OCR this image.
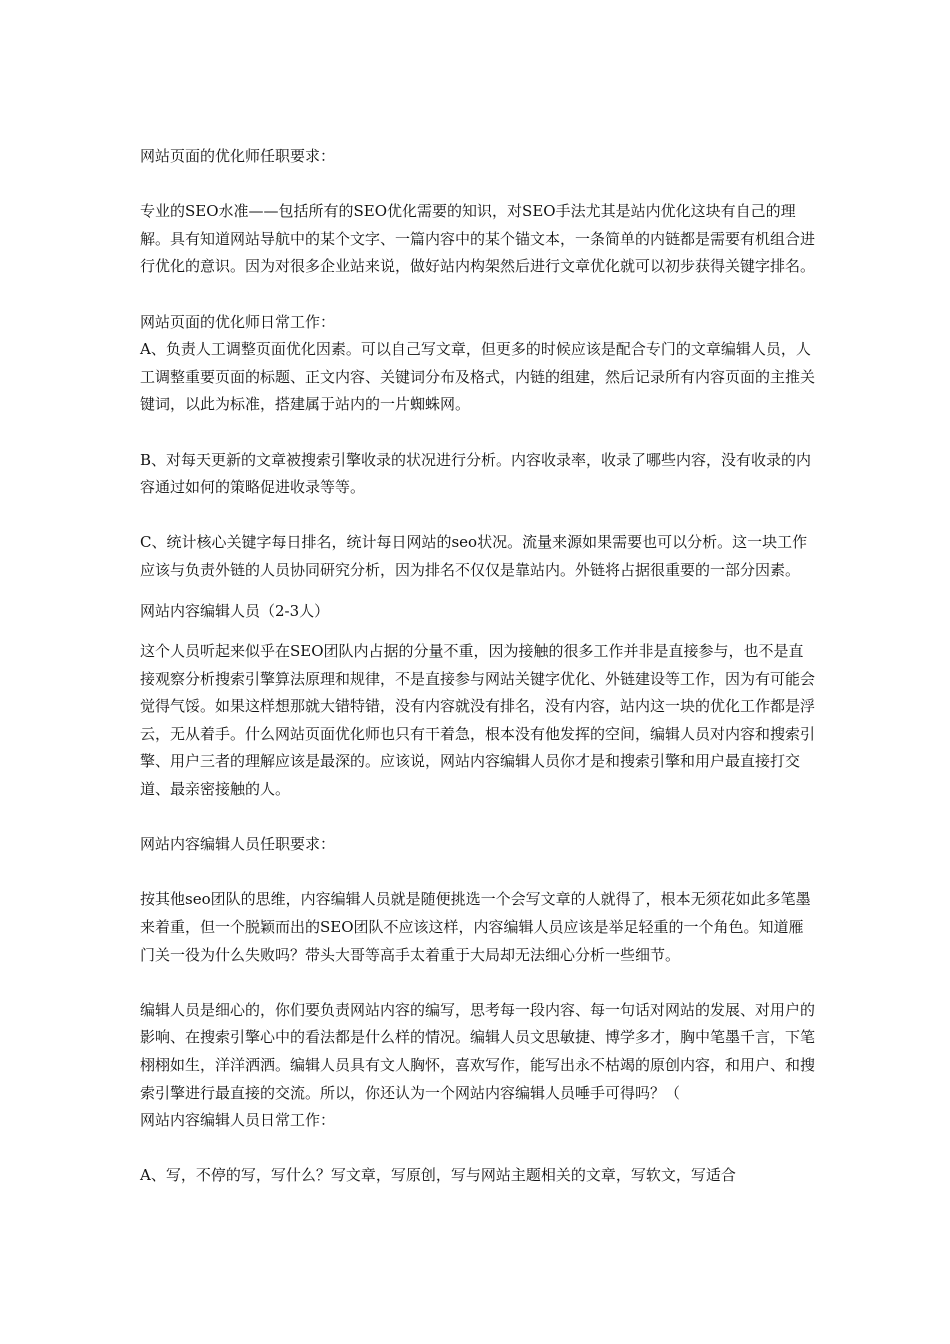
网站页面的优化师任职要求：

专业的SEO水准——包括所有的SEO优化需要的知识，对SEO手法尤其是站内优化这块有自己的理解。具有知道网站导航中的某个文字、一篇内容中的某个锚文本，一条简单的内链都是需要有机组合进行优化的意识。因为对很多企业站来说，做好站内构架然后进行文章优化就可以初步获得关键字排名。

网站页面的优化师日常工作：

A、负责人工调整页面优化因素。可以自己写文章，但更多的时候应该是配合专门的文章编辑人员，人工调整重要页面的标题、正文内容、关键词分布及格式，内链的组建，然后记录所有内容页面的主推关键词，以此为标准，搭建属于站内的一片蜘蛛网。

B、对每天更新的文章被搜索引擎收录的状况进行分析。内容收录率，收录了哪些内容，没有收录的内容通过如何的策略促进收录等等。

C、统计核心关键字每日排名，统计每日网站的seo状况。流量来源如果需要也可以分析。这一块工作应该与负责外链的人员协同研究分析，因为排名不仅仅是靠站内。外链将占据很重要的一部分因素。

网站内容编辑人员（2-3人）

这个人员听起来似乎在SEO团队内占据的分量不重，因为接触的很多工作并非是直接参与，也不是直接观察分析搜索引擎算法原理和规律，不是直接参与网站关键字优化、外链建设等工作，因为有可能会觉得气馁。如果这样想那就大错特错，没有内容就没有排名，没有内容，站内这一块的优化工作都是浮云，无从着手。什么网站页面优化师也只有干着急，根本没有他发挥的空间，编辑人员对内容和搜索引擎、用户三者的理解应该是最深的。应该说，网站内容编辑人员你才是和搜索引擎和用户最直接打交道、最亲密接触的人。

网站内容编辑人员任职要求：

按其他seo团队的思维，内容编辑人员就是随便挑选一个会写文章的人就得了，根本无须花如此多笔墨来着重，但一个脱颖而出的SEO团队不应该这样，内容编辑人员应该是举足轻重的一个角色。知道雁门关一役为什么失败吗？带头大哥等高手太着重于大局却无法细心分析一些细节。

编辑人员是细心的，你们要负责网站内容的编写，思考每一段内容、每一句话对网站的发展、对用户的影响、在搜索引擎心中的看法都是什么样的情况。编辑人员文思敏捷、博学多才，胸中笔墨千言，下笔栩栩如生，洋洋洒洒。编辑人员具有文人胸怀，喜欢写作，能写出永不枯竭的原创内容，和用户、和搜索引擎进行最直接的交流。所以，你还认为一个网站内容编辑人员唾手可得吗？（

网站内容编辑人员日常工作：

A、写，不停的写，写什么？写文章，写原创，写与网站主题相关的文章，写软文，写适合
